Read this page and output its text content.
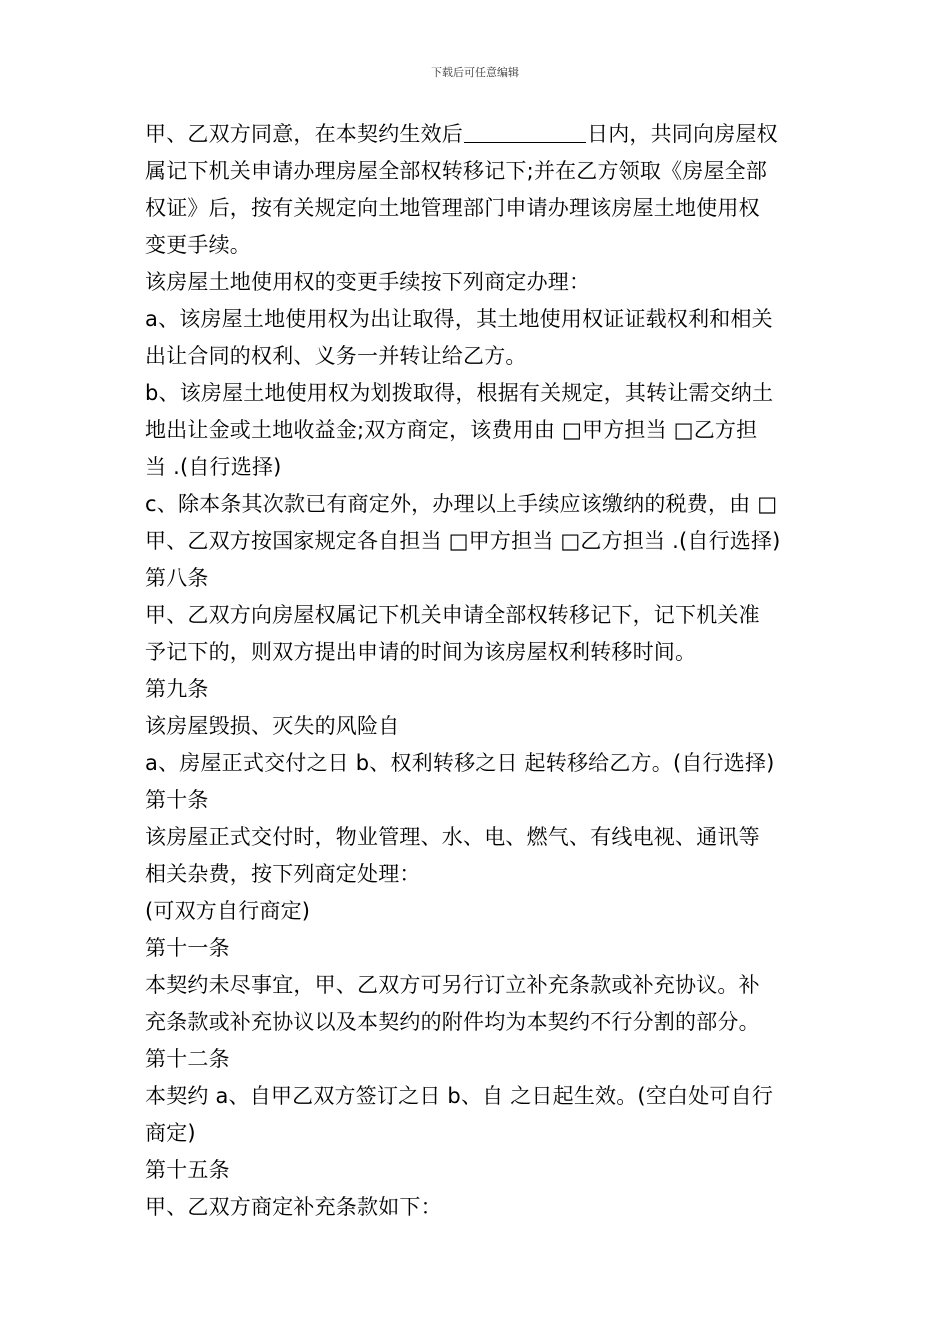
下载后可任意编辑
甲、乙双方同意，在本契约生效后	日内，共同向房屋权
属记下机关申请办理房屋全部权转移记下;并在乙方领取《房屋全部
权证》后，按有关规定向土地管理部门申请办理该房屋土地使用权
变更手续。
该房屋土地使用权的变更手续按下列商定办理：
a、该房屋土地使用权为出让取得，其土地使用权证证载权利和相关
出让合同的权利、义务一并转让给乙方。
b、该房屋土地使用权为划拨取得，根据有关规定，其转让需交纳土
地出让金或土地收益金;双方商定，该费用由 □甲方担当 □乙方担
当 .(自行选择)
c、除本条其次款已有商定外，办理以上手续应该缴纳的税费，由 □
甲、乙双方按国家规定各自担当 □甲方担当 □乙方担当 .(自行选择)
第八条
甲、乙双方向房屋权属记下机关申请全部权转移记下，记下机关准
予记下的，则双方提出申请的时间为该房屋权利转移时间。
第九条
该房屋毁损、灭失的风险自
a、房屋正式交付之日 b、权利转移之日 起转移给乙方。(自行选择)
第十条
该房屋正式交付时，物业管理、水、电、燃气、有线电视、通讯等
相关杂费，按下列商定处理：
(可双方自行商定)
第十一条
本契约未尽事宜，甲、乙双方可另行订立补充条款或补充协议。补
充条款或补充协议以及本契约的附件均为本契约不行分割的部分。
第十二条
本契约 a、自甲乙双方签订之日 b、自 之日起生效。(空白处可自行
商定)
第十五条
甲、乙双方商定补充条款如下：
